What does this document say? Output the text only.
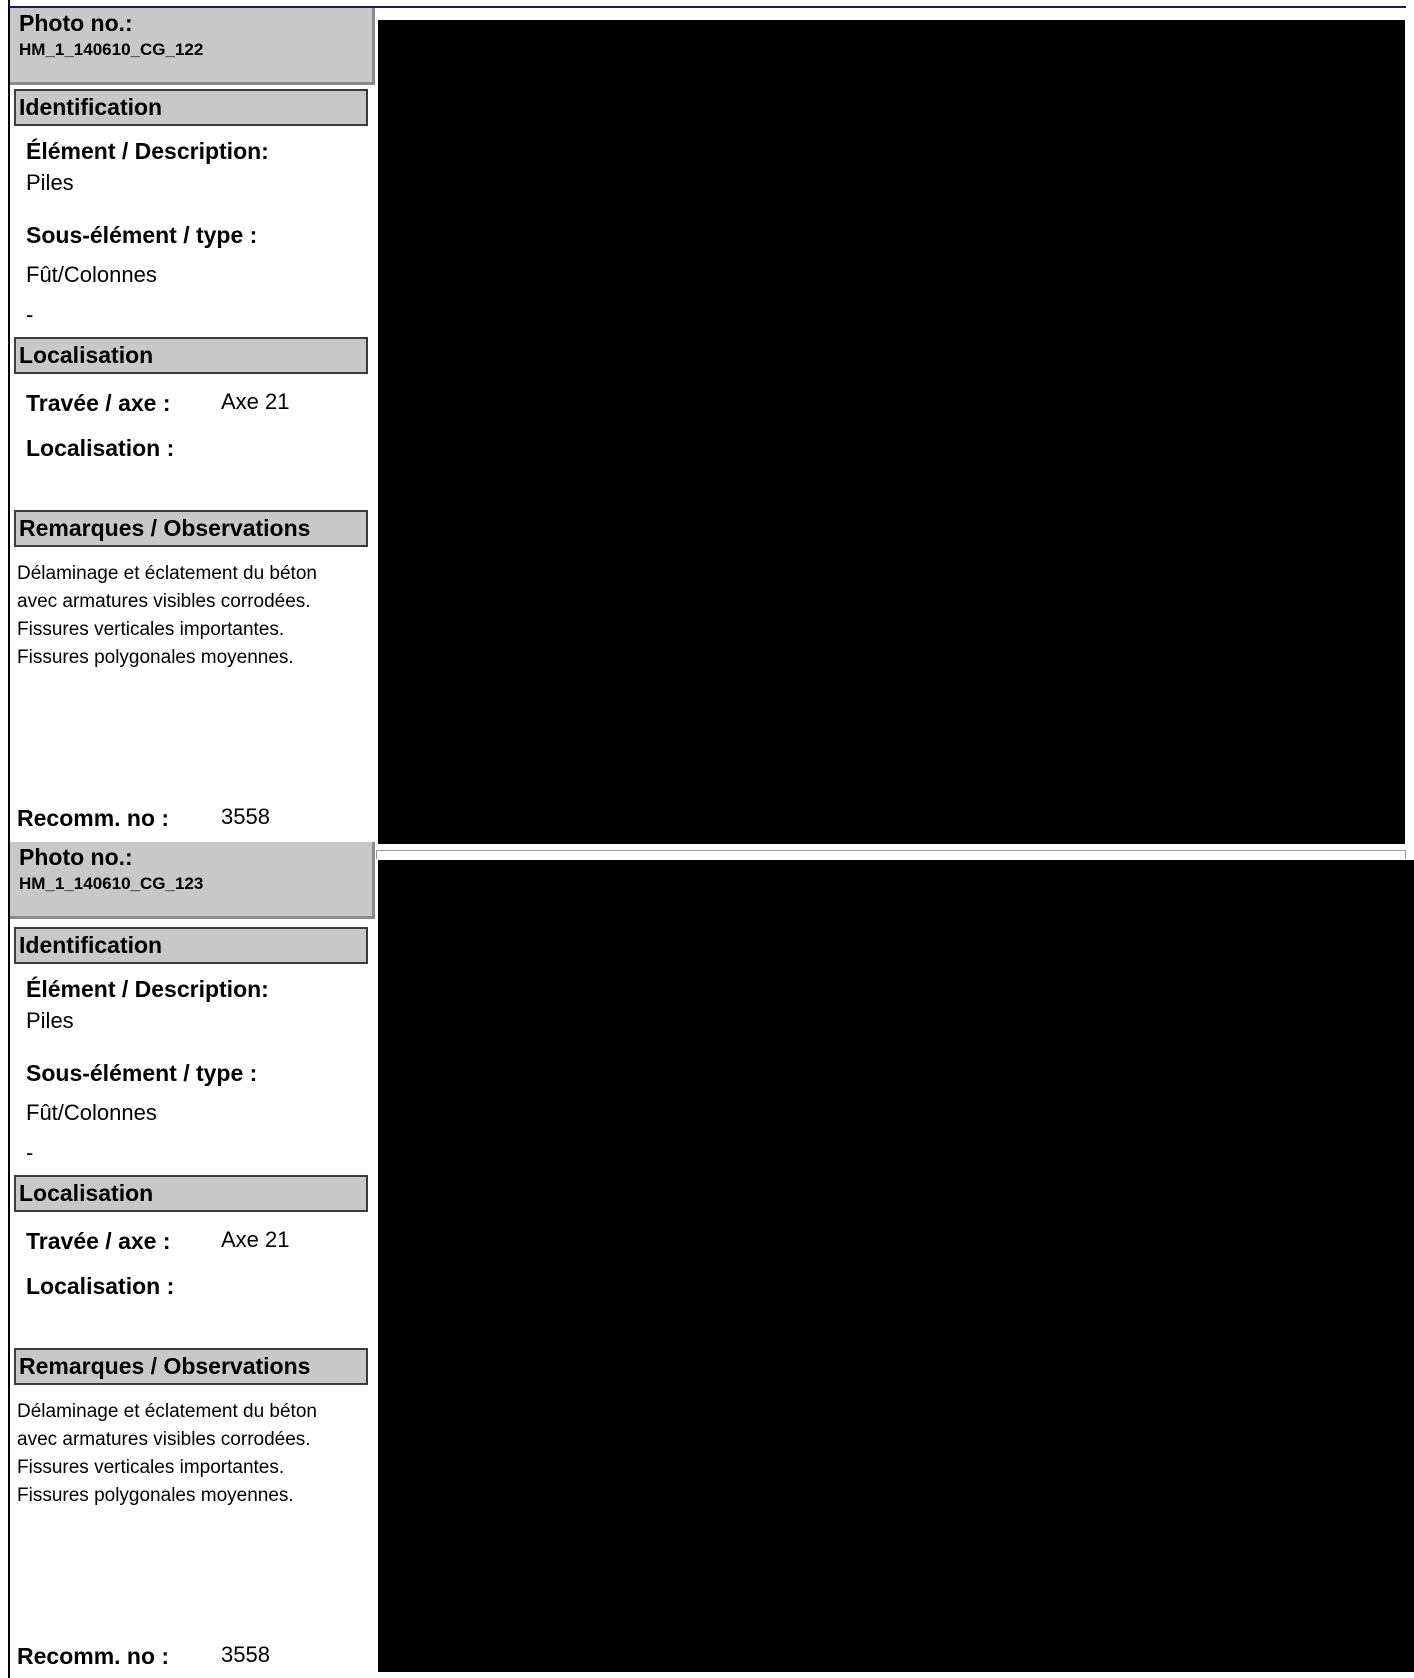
Photo no.:
HM_1_140610_CG_122
Identification
Élément / Description:
Piles
Sous-élément / type :
Fût/Colonnes
-
Localisation
Travée / axe : Axe 21
Localisation :
Remarques / Observations
Délaminage et éclatement du béton
avec armatures visibles corrodées.
Fissures verticales importantes.
Fissures polygonales moyennes.
Recomm. no : 3558
Photo no.:
HM_1_140610_CG_123
Identification
Élément / Description:
Piles
Sous-élément / type :
Fût/Colonnes
-
Localisation
Travée / axe : Axe 21
Localisation :
Remarques / Observations
Délaminage et éclatement du béton
avec armatures visibles corrodées.
Fissures verticales importantes.
Fissures polygonales moyennes.
Recomm. no : 3558
